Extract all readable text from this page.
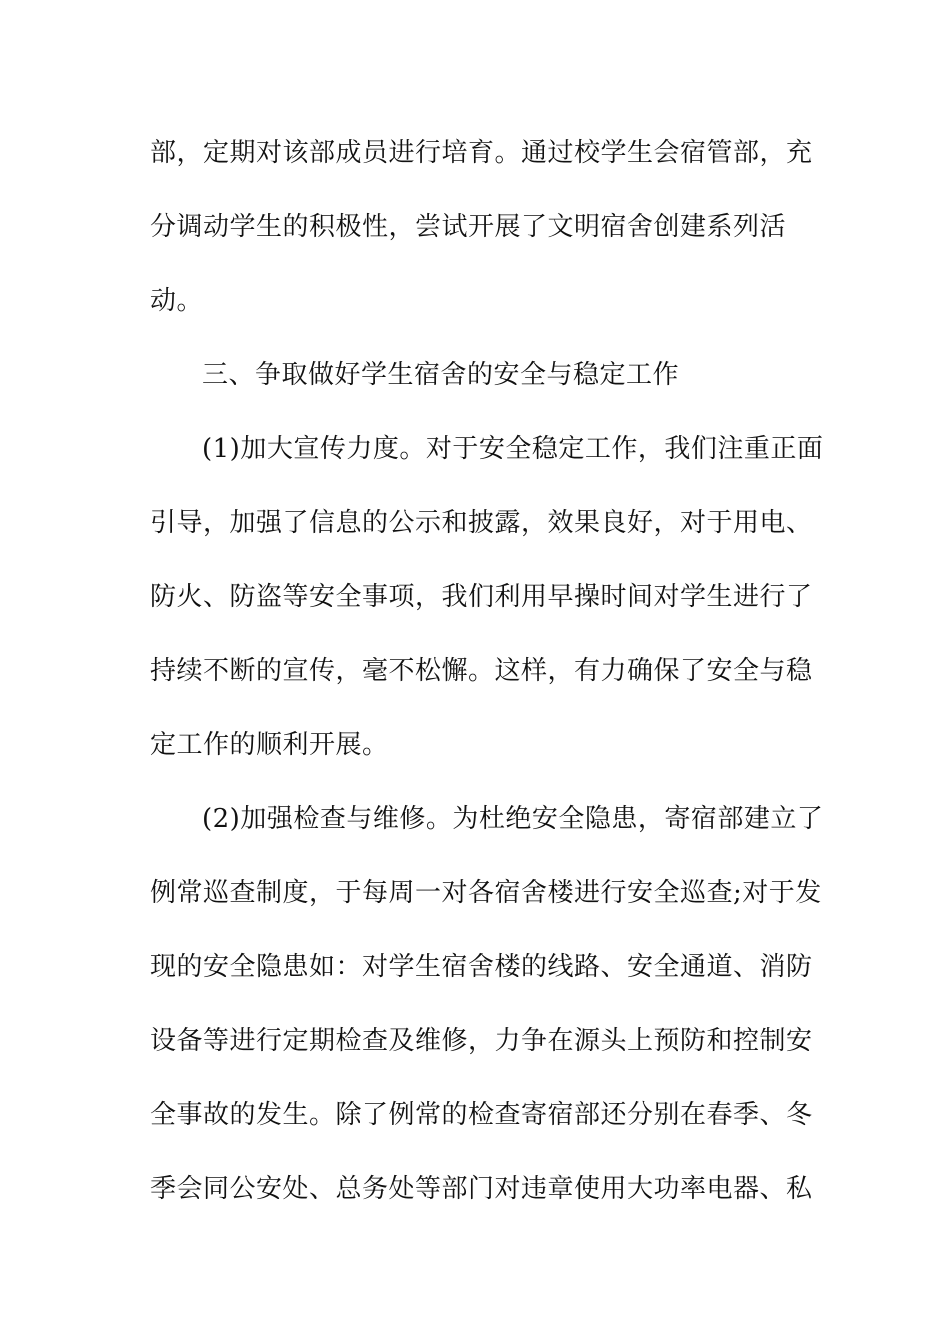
部，定期对该部成员进行培育。通过校学生会宿管部，充
分调动学生的积极性，尝试开展了文明宿舍创建系列活
动。
三、争取做好学生宿舍的安全与稳定工作
(1)加大宣传力度。对于安全稳定工作，我们注重正面
引导，加强了信息的公示和披露，效果良好，对于用电、
防火、防盗等安全事项，我们利用早操时间对学生进行了
持续不断的宣传，毫不松懈。这样，有力确保了安全与稳
定工作的顺利开展。
(2)加强检查与维修。为杜绝安全隐患，寄宿部建立了
例常巡查制度，于每周一对各宿舍楼进行安全巡查;对于发
现的安全隐患如：对学生宿舍楼的线路、安全通道、消防
设备等进行定期检查及维修，力争在源头上预防和控制安
全事故的发生。除了例常的检查寄宿部还分别在春季、冬
季会同公安处、总务处等部门对违章使用大功率电器、私
